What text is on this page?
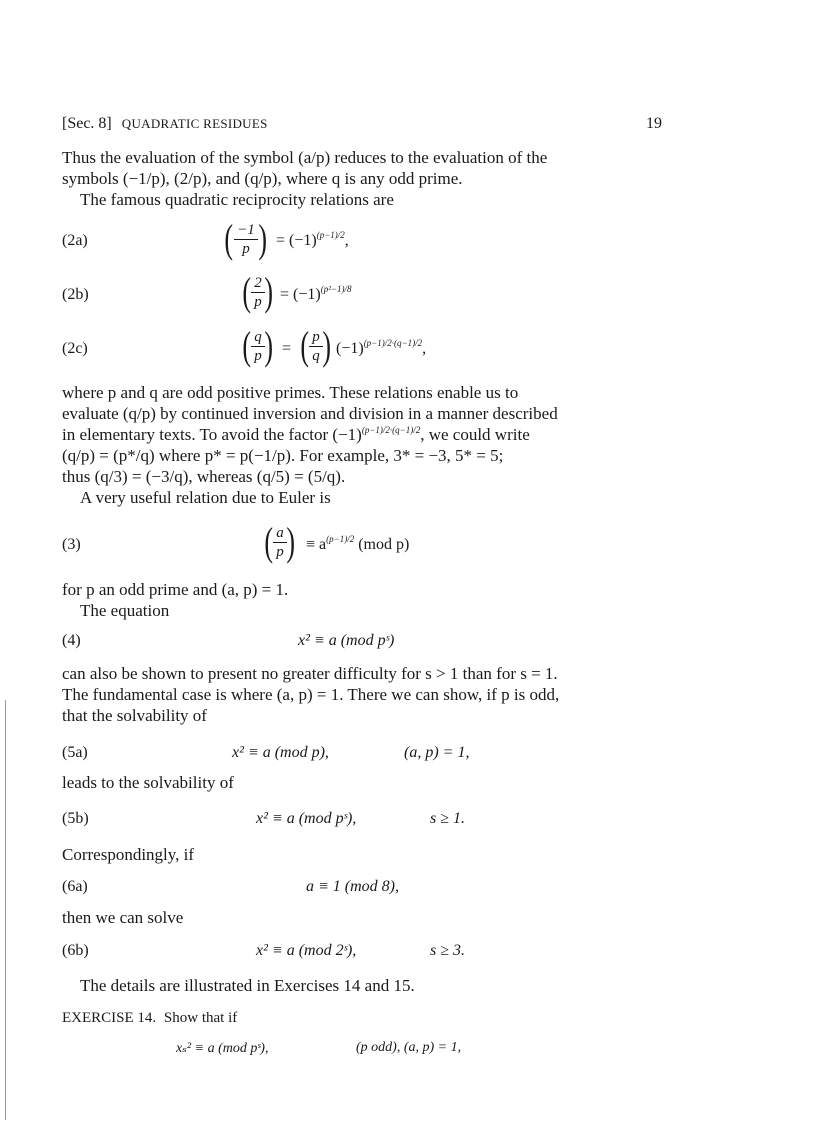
[Sec. 8] QUADRATIC RESIDUES	19
Thus the evaluation of the symbol (a/p) reduces to the evaluation of the
symbols (−1/p), (2/p), and (q/p), where q is any odd prime.
The famous quadratic reciprocity relations are
(2a)	( −1
p ) = $(-1)^{(p-1)/2}$,
(2b)	( 2
p ) = $(-1)^{(p^2-1)/8}$
(2c)	( q
p ) = ( p
q ) $(-1)^{(p-1)/2\cdot(q-1)/2}$,
where p and q are odd positive primes. These relations enable us to
evaluate (q/p) by continued inversion and division in a manner described
in elementary texts. To avoid the factor $(-1)^{(p-1)/2\cdot(q-1)/2}$, we could write
(q/p) = (p*/q) where p* = p(−1/p). For example, 3* = −3, 5* = 5;
thus (q/3) = (−3/q), whereas (q/5) = (5/q).
A very useful relation due to Euler is
(3)	( a
p ) ≡ $a^{(p-1)/2}$ (mod p)
for p an odd prime and (a, p) = 1.
The equation
(4)	x² ≡ a (mod pˢ)
can also be shown to present no greater difficulty for s > 1 than for s = 1.
The fundamental case is where (a, p) = 1. There we can show, if p is odd,
that the solvability of
(5a)	x² ≡ a (mod p),	(a, p) = 1,
leads to the solvability of
(5b)	x² ≡ a (mod pˢ),	s ≥ 1.
Correspondingly, if
(6a)	a ≡ 1 (mod 8),
then we can solve
(6b)	x² ≡ a (mod 2ˢ),	s ≥ 3.
The details are illustrated in Exercises 14 and 15.
EXERCISE 14. Show that if
xₛ² ≡ a (mod pˢ),	(p odd), (a, p) = 1,
